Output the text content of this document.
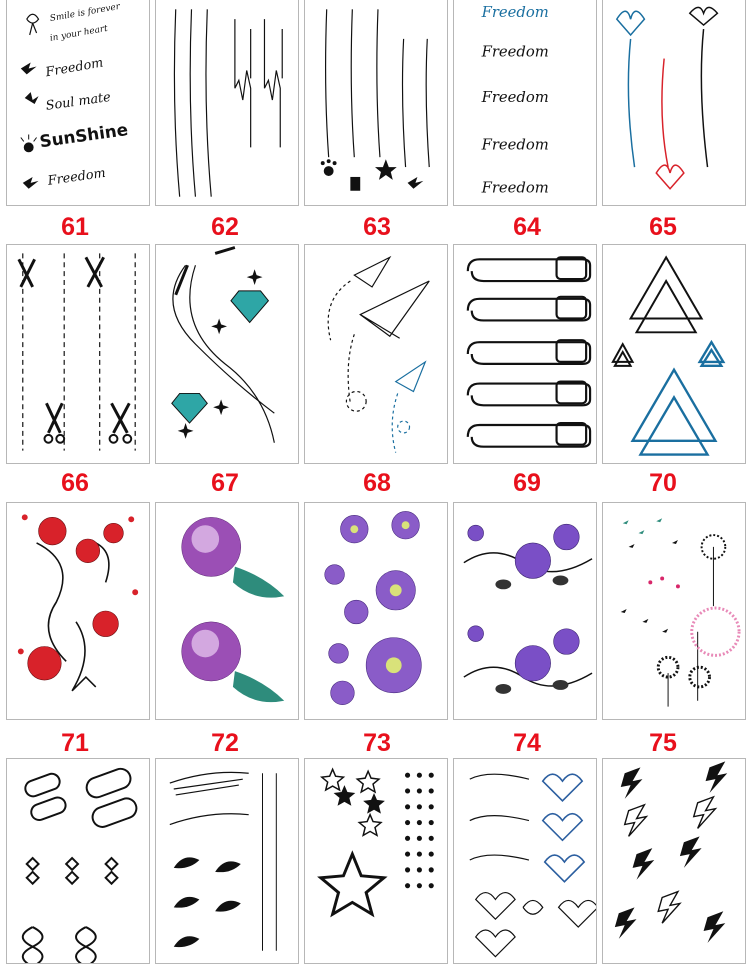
Smile is forever
in your heart
Freedom
Soul mate
SunShine
Freedom
Freedom
Freedom
Freedom
Freedom
Freedom
61	62	63	64	65
66	67	68	69	70
71	72	73	74	75
